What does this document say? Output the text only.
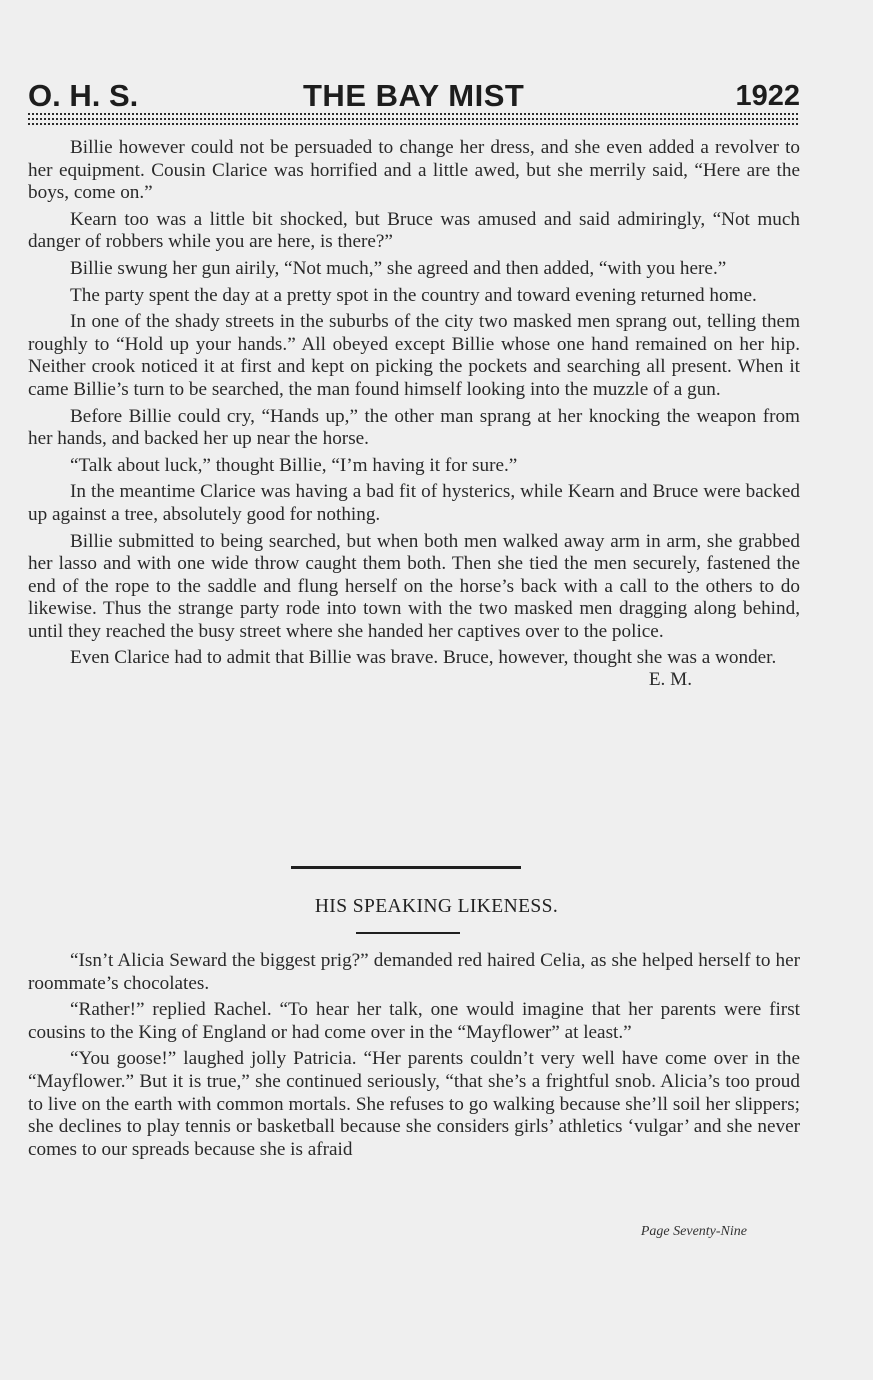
O. H. S.	THE BAY MIST	1922

Billie however could not be persuaded to change her dress, and she even added a revolver to her equipment. Cousin Clarice was horrified and a little awed, but she merrily said, “Here are the boys, come on.”

Kearn too was a little bit shocked, but Bruce was amused and said admiringly, “Not much danger of robbers while you are here, is there?”

Billie swung her gun airily, “Not much,” she agreed and then added, “with you here.”

The party spent the day at a pretty spot in the country and toward evening returned home.

In one of the shady streets in the suburbs of the city two masked men sprang out, telling them roughly to “Hold up your hands.” All obeyed except Billie whose one hand remained on her hip. Neither crook noticed it at first and kept on picking the pockets and searching all present. When it came Billie’s turn to be searched, the man found himself looking into the muzzle of a gun.

Before Billie could cry, “Hands up,” the other man sprang at her knocking the weapon from her hands, and backed her up near the horse.

“Talk about luck,” thought Billie, “I’m having it for sure.”

In the meantime Clarice was having a bad fit of hysterics, while Kearn and Bruce were backed up against a tree, absolutely good for nothing.

Billie submitted to being searched, but when both men walked away arm in arm, she grabbed her lasso and with one wide throw caught them both. Then she tied the men securely, fastened the end of the rope to the saddle and flung herself on the horse’s back with a call to the others to do likewise. Thus the strange party rode into town with the two masked men dragging along behind, until they reached the busy street where she handed her captives over to the police.

Even Clarice had to admit that Billie was brave. Bruce, however, thought she was a wonder.

E. M.
HIS SPEAKING LIKENESS.

“Isn’t Alicia Seward the biggest prig?” demanded red haired Celia, as she helped herself to her roommate’s chocolates.

“Rather!” replied Rachel. “To hear her talk, one would imagine that her parents were first cousins to the King of England or had come over in the “Mayflower” at least.”

“You goose!” laughed jolly Patricia. “Her parents couldn’t very well have come over in the “Mayflower.” But it is true,” she continued seriously, “that she’s a frightful snob. Alicia’s too proud to live on the earth with common mortals. She refuses to go walking because she’ll soil her slippers; she declines to play tennis or basketball because she considers girls’ athletics ‘vulgar’ and she never comes to our spreads because she is afraid

Page Seventy-Nine
